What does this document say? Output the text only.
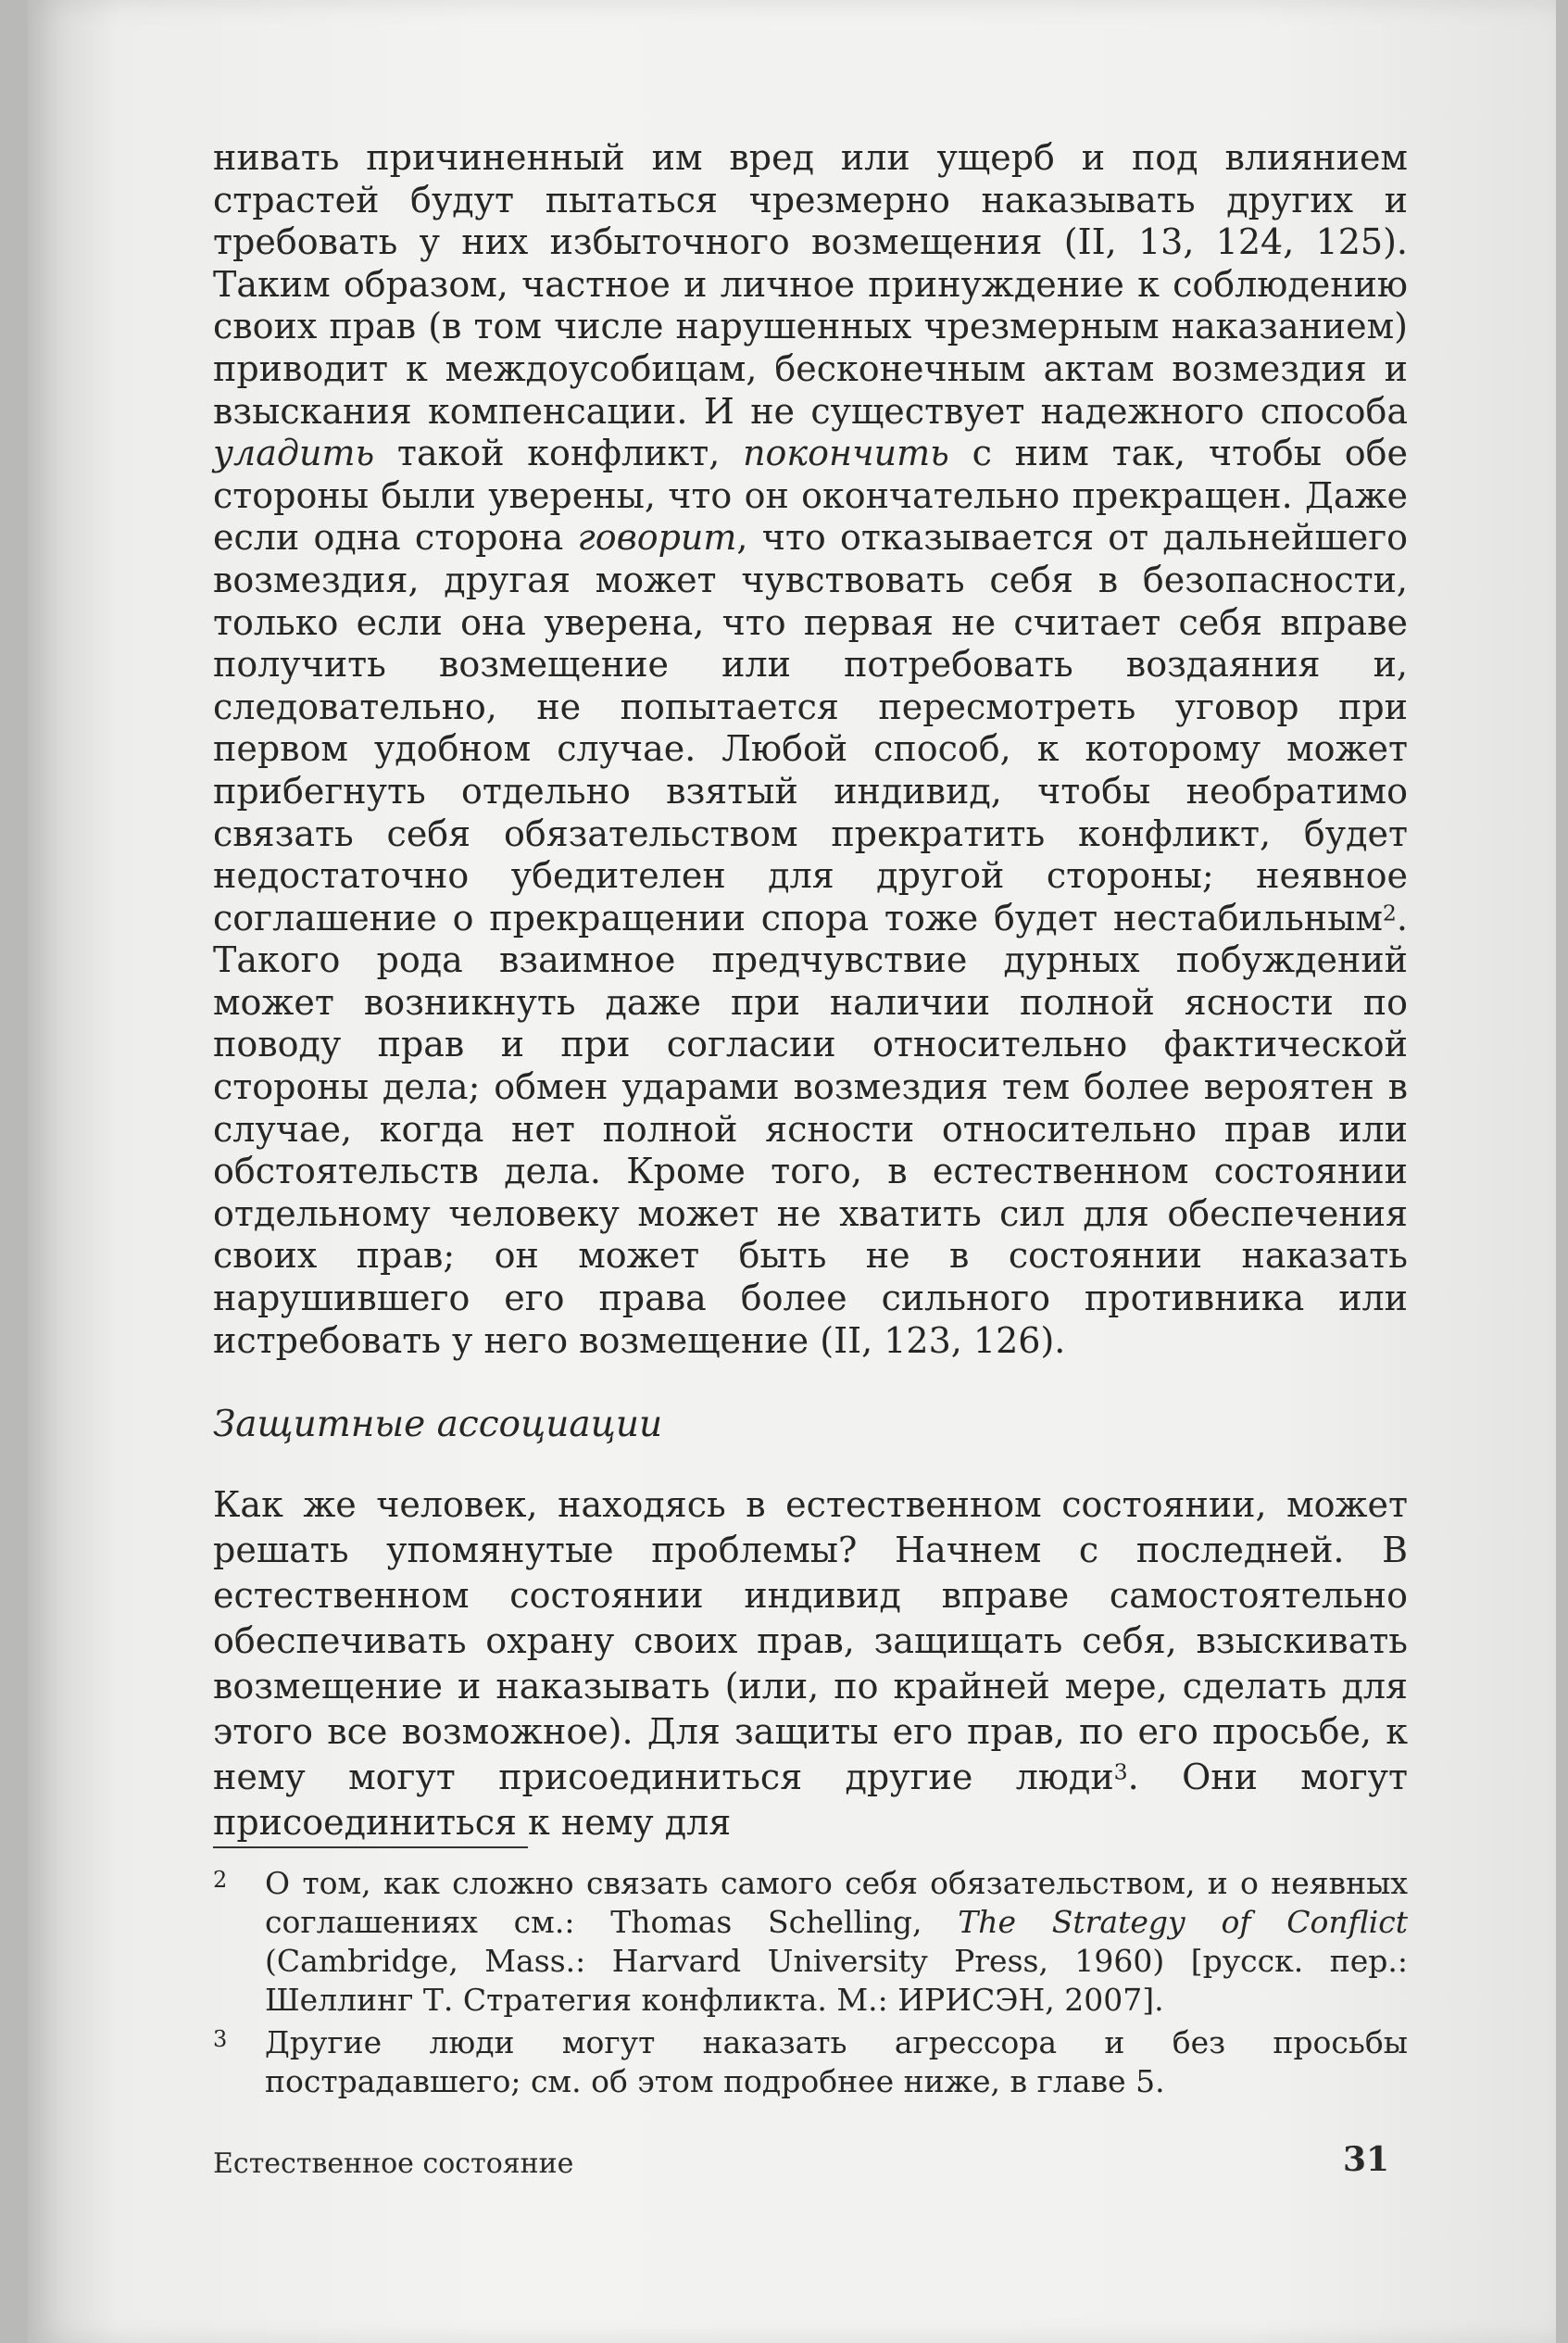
нивать причиненный им вред или ущерб и под влиянием страстей будут пытаться чрезмерно наказывать других и требовать у них избыточного возмещения (II, 13, 124, 125). Таким образом, частное и личное принуждение к соблюдению своих прав (в том числе нарушенных чрезмерным наказанием) приводит к междоусобицам, бесконечным актам возмездия и взыскания компенсации. И не существует надежного способа уладить такой конфликт, покончить с ним так, чтобы обе стороны были уверены, что он окончательно прекращен. Даже если одна сторона говорит, что отказывается от дальнейшего возмездия, другая может чувствовать себя в безопасности, только если она уверена, что первая не считает себя вправе получить возмещение или потребовать воздаяния и, следовательно, не попытается пересмотреть уговор при первом удобном случае. Любой способ, к которому может прибегнуть отдельно взятый индивид, чтобы необратимо связать себя обязательством прекратить конфликт, будет недостаточно убедителен для другой стороны; неявное соглашение о прекращении спора тоже будет нестабильным$^2$. Такого рода взаимное предчувствие дурных побуждений может возникнуть даже при наличии полной ясности по поводу прав и при согласии относительно фактической стороны дела; обмен ударами возмездия тем более вероятен в случае, когда нет полной ясности относительно прав или обстоятельств дела. Кроме того, в естественном состоянии отдельному человеку может не хватить сил для обеспечения своих прав; он может быть не в состоянии наказать нарушившего его права более сильного противника или истребовать у него возмещение (II, 123, 126).

Защитные ассоциации

Как же человек, находясь в естественном состоянии, может решать упомянутые проблемы? Начнем с последней. В естественном состоянии индивид вправе самостоятельно обеспечивать охрану своих прав, защищать себя, взыскивать возмещение и наказывать (или, по крайней мере, сделать для этого все возможное). Для защиты его прав, по его просьбе, к нему могут присоединиться другие люди$^3$. Они могут присоединиться к нему для

2	О том, как сложно связать самого себя обязательством, и о неявных соглашениях см.: Thomas Schelling, The Strategy of Conflict (Cambridge, Mass.: Harvard University Press, 1960) [русск. пер.: Шеллинг Т. Стратегия конфликта. М.: ИРИСЭН, 2007].
3	Другие люди могут наказать агрессора и без просьбы пострадавшего; см. об этом подробнее ниже, в главе 5.
Естественное состояние	31
